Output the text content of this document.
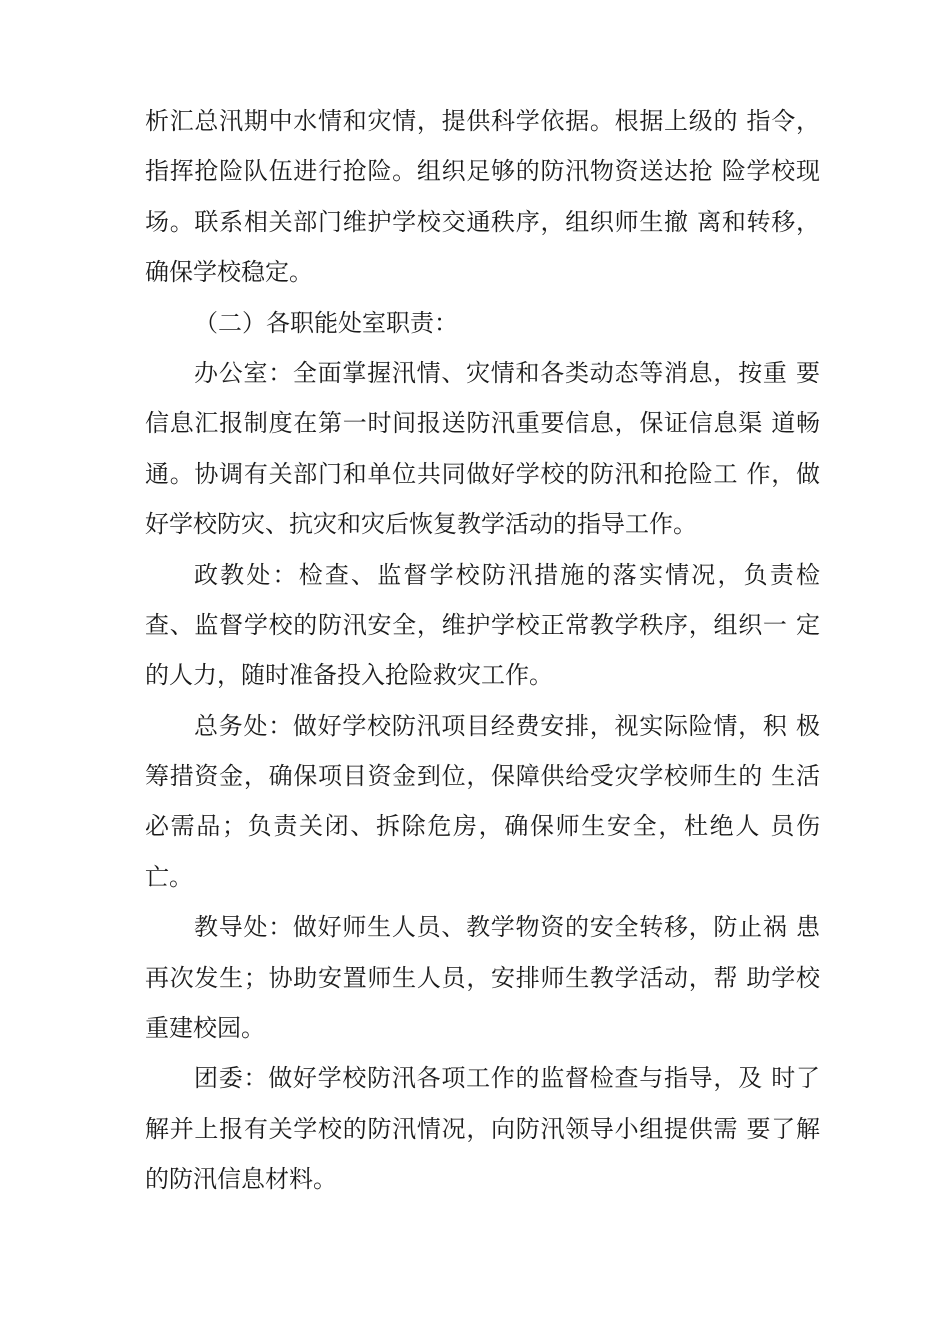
析汇总汛期中水情和灾情，提供科学依据。根据上级的 指令，
指挥抢险队伍进行抢险。组织足够的防汛物资送达抢 险学校现
场。联系相关部门维护学校交通秩序，组织师生撤 离和转移，
确保学校稳定。
（二）各职能处室职责：
办公室：全面掌握汛情、灾情和各类动态等消息，按重 要
信息汇报制度在第一时间报送防汛重要信息，保证信息渠 道畅
通。协调有关部门和单位共同做好学校的防汛和抢险工 作，做
好学校防灾、抗灾和灾后恢复教学活动的指导工作。
政教处：检查、监督学校防汛措施的落实情况，负责检
查、监督学校的防汛安全，维护学校正常教学秩序，组织一 定
的人力，随时准备投入抢险救灾工作。
总务处：做好学校防汛项目经费安排，视实际险情，积 极
筹措资金，确保项目资金到位，保障供给受灾学校师生的 生活
必需品；负责关闭、拆除危房，确保师生安全，杜绝人 员伤
亡。
教导处：做好师生人员、教学物资的安全转移，防止祸 患
再次发生；协助安置师生人员，安排师生教学活动，帮 助学校
重建校园。
团委：做好学校防汛各项工作的监督检查与指导，及 时了
解并上报有关学校的防汛情况，向防汛领导小组提供需 要了解
的防汛信息材料。
